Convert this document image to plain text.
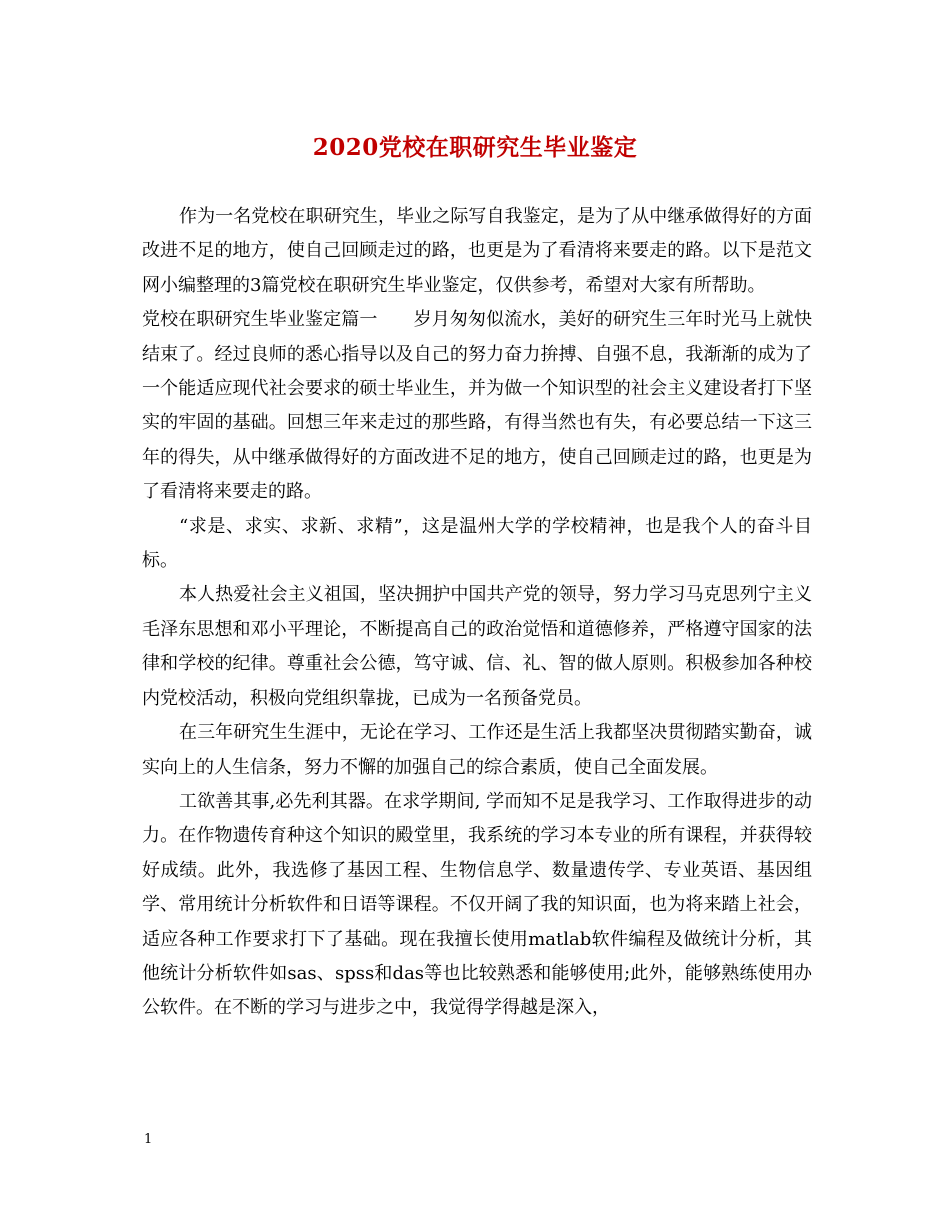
2020党校在职研究生毕业鉴定

作为一名党校在职研究生，毕业之际写自我鉴定，是为了从中继承做得好的方面改进不足的地方，使自己回顾走过的路，也更是为了看清将来要走的路。以下是范文网小编整理的3篇党校在职研究生毕业鉴定，仅供参考，希望对大家有所帮助。

党校在职研究生毕业鉴定篇一　　岁月匆匆似流水，美好的研究生三年时光马上就快结束了。经过良师的悉心指导以及自己的努力奋力拚搏、自强不息，我渐渐的成为了一个能适应现代社会要求的硕士毕业生，并为做一个知识型的社会主义建设者打下坚实的牢固的基础。回想三年来走过的那些路，有得当然也有失，有必要总结一下这三年的得失，从中继承做得好的方面改进不足的地方，使自己回顾走过的路，也更是为了看清将来要走的路。

“求是、求实、求新、求精”，这是温州大学的学校精神，也是我个人的奋斗目标。

本人热爱社会主义祖国，坚决拥护中国共产党的领导，努力学习马克思列宁主义毛泽东思想和邓小平理论，不断提高自己的政治觉悟和道德修养，严格遵守国家的法律和学校的纪律。尊重社会公德，笃守诚、信、礼、智的做人原则。积极参加各种校内党校活动，积极向党组织靠拢，已成为一名预备党员。

在三年研究生生涯中，无论在学习、工作还是生活上我都坚决贯彻踏实勤奋，诚实向上的人生信条，努力不懈的加强自己的综合素质，使自己全面发展。

工欲善其事,必先利其器。在求学期间, 学而知不足是我学习、工作取得进步的动力。在作物遗传育种这个知识的殿堂里，我系统的学习本专业的所有课程，并获得较好成绩。此外，我选修了基因工程、生物信息学、数量遗传学、专业英语、基因组学、常用统计分析软件和日语等课程。不仅开阔了我的知识面，也为将来踏上社会，适应各种工作要求打下了基础。现在我擅长使用matlab软件编程及做统计分析，其他统计分析软件如sas、spss和das等也比较熟悉和能够使用;此外，能够熟练使用办公软件。在不断的学习与进步之中，我觉得学得越是深入，

1
